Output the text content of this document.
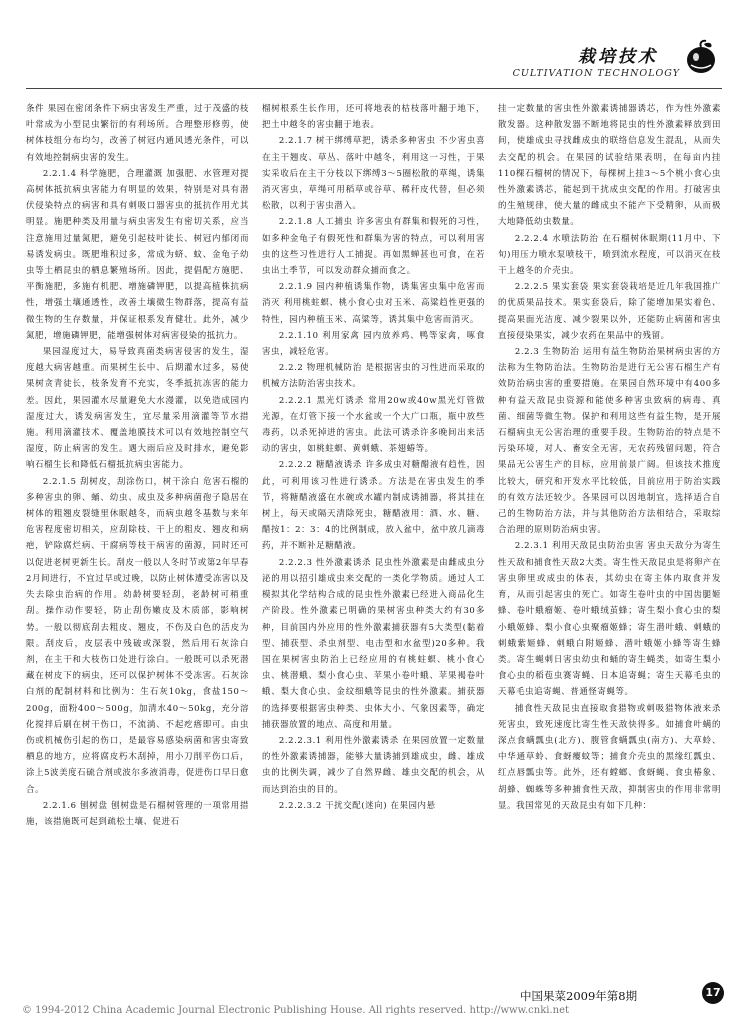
栽培技术
CULTIVATION TECHNOLOGY

条件 果园在密闭条件下病虫害发生严重，过于茂盛的枝叶常成为小型昆虫繁衍的有利场所。合理整形修剪，使树体枝组分布均匀，改善了树冠内通风透光条件，可以有效地控制病虫害的发生。

2.2.1.4 科学施肥，合理灌溉 加强肥、水管理对提高树体抵抗病虫害能力有明显的效果，特别是对具有潜伏侵染特点的病害和具有刺吸口器害虫的抵抗作用尤其明显。施肥种类及用量与病虫害发生有密切关系，应当注意施用过量氮肥，避免引起枝叶徒长、树冠内郁闭而易诱发病虫。既肥堆积过多，常成为蛴、蚊、金龟子幼虫等土栖昆虫的栖息繁殖场所。因此，提倡配方施肥、平衡施肥，多施有机肥、增施磷钾肥，以提高植株抗病性，增强土壤通透性，改善土壤微生物群落，提高有益微生物的生存数量，并保证根系发育健壮。此外，减少氮肥，增施磷钾肥，能增强树体对病害侵染的抵抗力。

果园湿度过大，易导致真菌类病害侵害的发生，湿度越大病害越重。而果树生长中、后期灌水过多，易使果树贪青徒长，枝条发育不充实，冬季抵抗冻害的能力差。因此，果园灌水尽量避免大水漫灌，以免造成园内湿度过大，诱发病害发生，宜尽量采用滴灌等节水措施。利用滴灌技术、覆盖地膜技术可以有效地控制空气湿度，防止病害的发生。遇大雨后应及时排水，避免影响石榴生长和降低石榴抵抗病虫害能力。

2.2.1.5 刮树皮，刮涂伤口，树干涂白 危害石榴的多种害虫的卵、蛹、幼虫、成虫及多种病菌孢子隐居在树体的粗翘皮裂缝里休眠越冬，而病虫越冬基数与来年危害程度密切相关，应刮除枝、干上的粗皮、翘皮和病疤，铲除腐烂病、干腐病等枝干病害的菌源，同时还可以促进老树更新生长。刮皮一般以人冬时节或第2年早春2月间进行，不宜过早或过晚，以防止树体遭受冻害以及失去除虫治病的作用。幼龄树要轻刮，老龄树可稍重刮。操作动作要轻，防止刮伤嫩皮及木质部，影响树势。一般以彻底刮去粗皮、翘皮，不伤及白色的活皮为限。刮皮后，皮层表中残破或深裂，然后用石灰涂白剂，在主干和大枝伤口处进行涂白。一般既可以杀死潜藏在树皮下的病虫，还可以保护树体不受冻害。石灰涂白剂的配制材料和比例为：生石灰10kg，食盐150～200g，面粉400～500g，加清水40～50kg，充分溶化搅拌后刷在树干伤口，不流淌、不起疙瘩即可。由虫伤或机械伤引起的伤口，是最容易感染病菌和害虫寄致栖息的地方，应将腐皮朽木刮掉，用小刀削平伤口后，涂上5波美度石硫合剂或波尔多液消毒，促进伤口早日愈合。

2.2.1.6 刨树盘 刨树盘是石榴树管理的一项常用措施，该措施既可起到疏松土壤、促进石

榴树根系生长作用，还可将地表的枯枝落叶翻于地下，把土中越冬的害虫翻于地表。

2.2.1.7 树干绑缚草把，诱杀多种害虫 不少害虫喜在主干翘皮、草丛、落叶中越冬，利用这一习性，于果实采收后在主干分枝以下绑缚3～5圈松散的草绳，诱集消灭害虫，草绳可用稻草或谷草、稀秆皮代替，但必须松散，以利于害虫潜入。

2.2.1.8 人工捕虫 许多害虫有群集和假死的习性，如多种金龟子有假死性和群集为害的特点，可以利用害虫的这些习性进行人工捕捉。再如黑蝉甚也可食，在若虫出土季节，可以发动群众捕而食之。

2.2.1.9 园内种植诱集作物，诱集害虫集中危害而消灭 利用桃蛀螟、桃小食心虫对玉米、高粱趋性更强的特性，园内种植玉米、高粱等，诱其集中危害而消灭。

2.2.1.10 利用家禽 园内放养鸡、鸭等家禽，啄食害虫，减轻危害。

2.2.2 物理机械防治 是根据害虫的习性进而采取的机械方法防治害虫技术。

2.2.2.1 黑光灯诱杀 常用20w或40w黑光灯管做光源，在灯管下接一个水盆或一个大广口瓶，瓶中放些毒药，以杀死掉进的害虫。此法可诱杀许多晚间出来活动的害虫，如桃蛀螟、黄刺蛾、茶翅蝽等。

2.2.2.2 糖醋液诱杀 许多成虫对糖醋液有趋性，因此，可利用该习性进行诱杀。方法是在害虫发生的季节，将糖醋液盛在水碗或水罐内制成诱捕器，将其挂在树上，每天或隔天清除死虫，糖醋液用：酒、水、糖、醋按1：2：3：4的比例制成，放入盆中，盆中放几滴毒药，并不断补足糖醋液。

2.2.2.3 性外激素诱杀 昆虫性外激素是由雌成虫分泌的用以招引雄成虫来交配的一类化学物质。通过人工模拟其化学结构合成的昆虫性外激素已经进入商品化生产阶段。性外激素已明确的果树害虫种类大约有30多种，目前国内外应用的性外激素捕获器有5大类型(黏着型、捕获型、杀虫剂型、电击型和水盆型)20多种。我国在果树害虫防治上已经应用的有桃蛀螟、桃小食心虫、桃潜蛾、梨小食心虫、苹果小卷叶蛾、苹果褐卷叶蛾、梨大食心虫、金纹细蛾等昆虫的性外激素。捕获器的选择要根据害虫种类、虫体大小、气象因素等，确定捕获器放置的地点、高度和用量。

2.2.2.3.1 利用性外激素诱杀 在果园放置一定数量的性外激素诱捕器，能够大量诱捕到雄成虫，雌、雄成虫的比例失调，减少了自然界雌、雄虫交配的机会，从而达到治虫的目的。

2.2.2.3.2 干扰交配(迷向) 在果园内悬

挂一定数量的害虫性外激素诱捕器诱芯，作为性外激素散发器。这种散发器不断地将昆虫的性外激素释放到田间，使雄成虫寻找雌成虫的联络信息发生混乱，从而失去交配的机会。在果园的试验结果表明，在每亩内挂110棵石榴树的情况下，每棵树上挂3～5个桃小食心虫性外激素诱芯，能起到干扰成虫交配的作用。打破害虫的生殖规律，使大量的雌成虫不能产下受精卵，从而极大地降低幼虫数量。

2.2.2.4 水喷法防治 在石榴树休眠期(11月中、下旬)用压力喷水泵喷枝干，喷到流水程度，可以消灭在枝干上越冬的介壳虫。

2.2.2.5 果实套袋 果实套袋栽培是近几年我国推广的优质果品技术。果实套袋后，除了能增加果实着色、提高果面光洁度、减少裂果以外，还能防止病菌和害虫直接侵染果实，减少农药在果品中的残留。

2.2.3 生物防治 运用有益生物防治果树病虫害的方法称为生物防治法。生物防治是进行无公害石榴生产有效防治病虫害的重要措施。在果园自然环境中有400多种有益天敌昆虫资源和能使多种害虫致病的病毒、真菌、细菌等微生物。保护和利用这些有益生物，是开展石榴病虫无公害治理的重要手段。生物防治的特点是不污染环境，对人、畜安全无害，无农药残留问题，符合果品无公害生产的目标，应用前景广阔。但该技术推度比较大，研究和开发水平比较低，目前应用于防治实践的有效方法还较少。各果园可以因地制宜，选择适合自己的生物防治方法，并与其他防治方法相结合，采取综合治理的原则防治病虫害。

2.2.3.1 利用天敌昆虫防治虫害 害虫天敌分为寄生性天敌和捕食性天敌2大类。寄生性天敌昆虫是将卵产在害虫卵里或成虫的体表，其幼虫在寄主体内取食并发育，从而引起害虫的死亡。如寄生卷叶虫的中国齿腿姬蜂、卷叶蛾瘤姬、卷叶蛾绒茧蜂；寄生梨小食心虫的梨小蛾姬蜂、梨小食心虫聚瘤姬蜂；寄生潜叶蛾、刺蛾的刺蛾紫姬蜂、刺蛾白附姬蜂、潜叶蛾姬小蜂等寄生蜂类。寄生蝇刺日害虫幼虫和蛹的寄生蝇类，如寄生梨小食心虫的稻苞虫赛寄蝇、日本追寄蝇；寄生天幕毛虫的天幕毛虫追寄蝇、普通怪寄蝇等。

捕食性天敌昆虫直接取食猎物或刺吸猎物体液来杀死害虫，致死速度比寄生性天敌快得多。如捕食叶螨的深点食螨瓢虫(北方)、腹管食螨瓢虫(南方)、大草蛉、中华通草蛉、食蚜瘿蚊等；捕食介壳虫的黑缘红瓢虫、红点唇瓢虫等。此外，还有螳螂、食蚜蝇、食虫椿象、胡蜂、蜘蛛等多种捕食性天敌，抑制害虫的作用非常明显。我国常见的天敌昆虫有如下几种：

中国果菜2009年第8期	17
© 1994-2012 China Academic Journal Electronic Publishing House. All rights reserved. http://www.cnki.net
